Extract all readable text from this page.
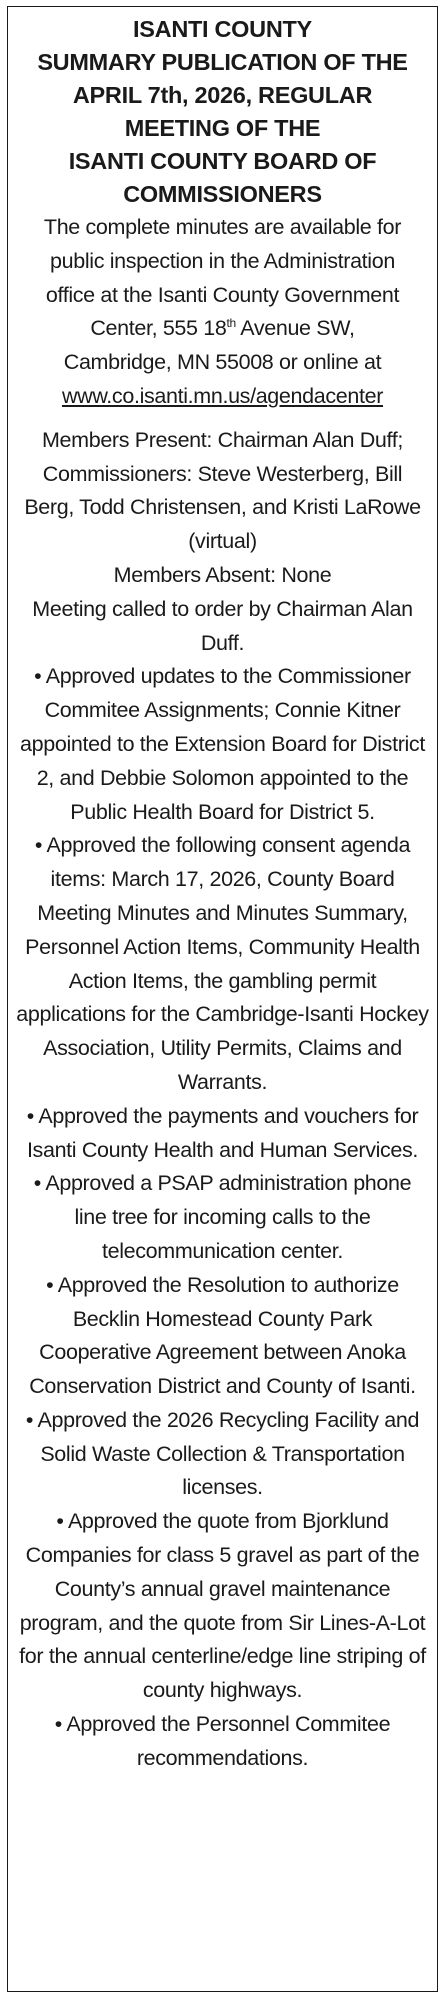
ISANTI COUNTY
SUMMARY PUBLICATION OF THE
APRIL 7th, 2026, REGULAR
MEETING OF THE
ISANTI COUNTY BOARD OF
COMMISSIONERS
The complete minutes are available for
public inspection in the Administration
office at the Isanti County Government
Center, 555 18th Avenue SW,
Cambridge, MN 55008 or online at
www.co.isanti.mn.us/agendacenter

Members Present: Chairman Alan Duff; Commissioners: Steve Westerberg, Bill Berg, Todd Christensen, and Kristi LaRowe (virtual)

Members Absent: None

Meeting called to order by Chairman Alan Duff.

• Approved updates to the Commissioner Commitee Assignments; Connie Kitner appointed to the Extension Board for District 2, and Debbie Solomon appointed to the Public Health Board for District 5.

• Approved the following consent agenda items: March 17, 2026, County Board Meeting Minutes and Minutes Summary, Personnel Action Items, Community Health Action Items, the gambling permit applications for the Cambridge-Isanti Hockey Association, Utility Permits, Claims and Warrants.

• Approved the payments and vouchers for Isanti County Health and Human Services.

• Approved a PSAP administration phone line tree for incoming calls to the telecommunication center.

• Approved the Resolution to authorize Becklin Homestead County Park Cooperative Agreement between Anoka Conservation District and County of Isanti.

• Approved the 2026 Recycling Facility and Solid Waste Collection & Transportation licenses.

• Approved the quote from Bjorklund Companies for class 5 gravel as part of the County’s annual gravel maintenance program, and the quote from Sir Lines-A-Lot for the annual centerline/edge line striping of county highways.

• Approved the Personnel Commitee recommendations.
